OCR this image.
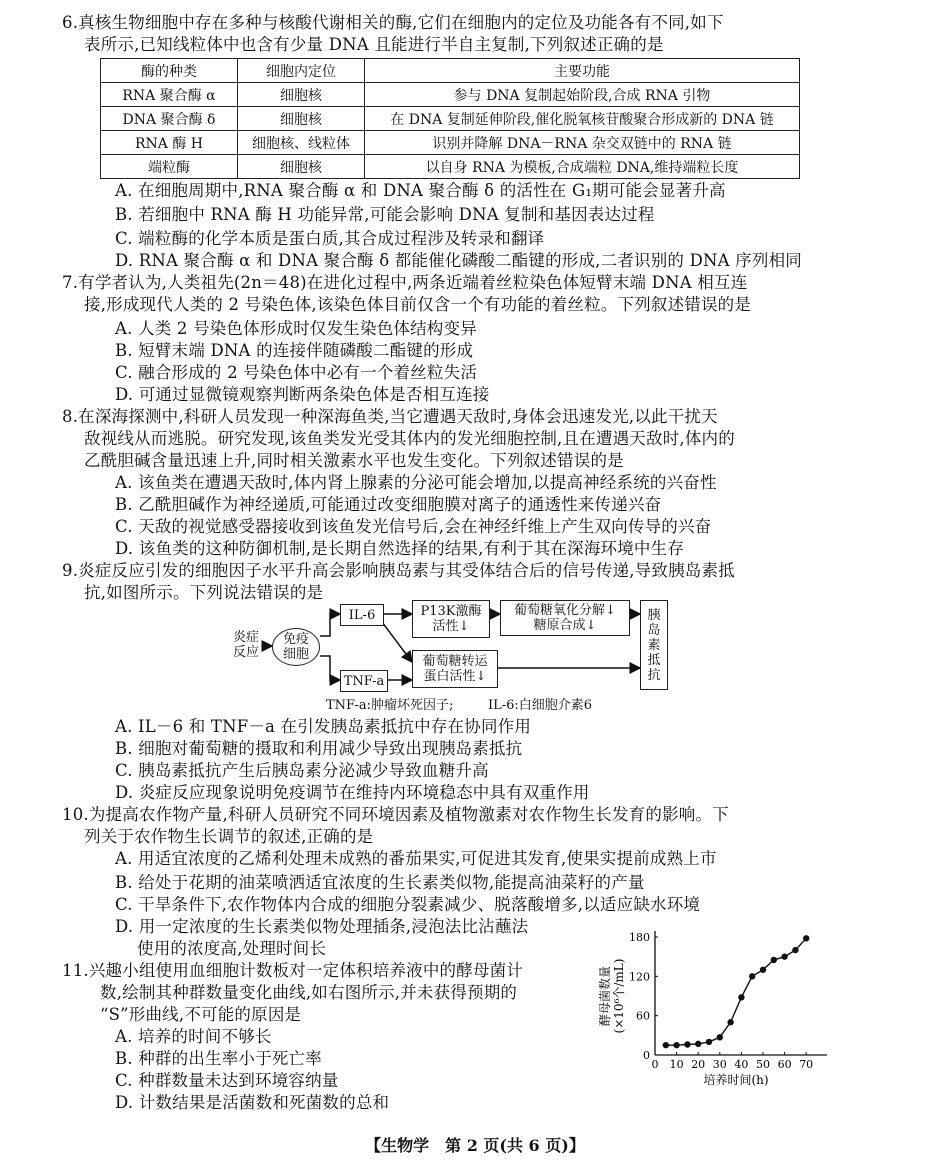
6.真核生物细胞中存在多种与核酸代谢相关的酶,它们在细胞内的定位及功能各有不同,如下
表所示,已知线粒体中也含有少量 DNA 且能进行半自主复制,下列叙述正确的是
酶的种类	细胞内定位	主要功能
RNA 聚合酶 α	细胞核	参与 DNA 复制起始阶段,合成 RNA 引物
DNA 聚合酶 δ	细胞核	在 DNA 复制延伸阶段,催化脱氧核苷酸聚合形成新的 DNA 链
RNA 酶 H	细胞核、线粒体	识别并降解 DNA－RNA 杂交双链中的 RNA 链
端粒酶	细胞核	以自身 RNA 为模板,合成端粒 DNA,维持端粒长度
A. 在细胞周期中,RNA 聚合酶 α 和 DNA 聚合酶 δ 的活性在 G₁期可能会显著升高
B. 若细胞中 RNA 酶 H 功能异常,可能会影响 DNA 复制和基因表达过程
C. 端粒酶的化学本质是蛋白质,其合成过程涉及转录和翻译
D. RNA 聚合酶 α 和 DNA 聚合酶 δ 都能催化磷酸二酯键的形成,二者识别的 DNA 序列相同
7.有学者认为,人类祖先(2n＝48)在进化过程中,两条近端着丝粒染色体短臂末端 DNA 相互连
接,形成现代人类的 2 号染色体,该染色体目前仅含一个有功能的着丝粒。下列叙述错误的是
A. 人类 2 号染色体形成时仅发生染色体结构变异
B. 短臂末端 DNA 的连接伴随磷酸二酯键的形成
C. 融合形成的 2 号染色体中必有一个着丝粒失活
D. 可通过显微镜观察判断两条染色体是否相互连接
8.在深海探测中,科研人员发现一种深海鱼类,当它遭遇天敌时,身体会迅速发光,以此干扰天
敌视线从而逃脱。研究发现,该鱼类发光受其体内的发光细胞控制,且在遭遇天敌时,体内的
乙酰胆碱含量迅速上升,同时相关激素水平也发生变化。下列叙述错误的是
A. 该鱼类在遭遇天敌时,体内肾上腺素的分泌可能会增加,以提高神经系统的兴奋性
B. 乙酰胆碱作为神经递质,可能通过改变细胞膜对离子的通透性来传递兴奋
C. 天敌的视觉感受器接收到该鱼发光信号后,会在神经纤维上产生双向传导的兴奋
D. 该鱼类的这种防御机制,是长期自然选择的结果,有利于其在深海环境中生存
9.炎症反应引发的细胞因子水平升高会影响胰岛素与其受体结合后的信号传递,导致胰岛素抵
抗,如图所示。下列说法错误的是
炎症
反应
免疫
细胞
IL-6
TNF-a
P13K激酶
活性↓
葡萄糖氧化分解↓
糖原合成↓
葡萄糖转运
蛋白活性↓
胰
岛
素
抵
抗
TNF-a:肿瘤坏死因子;	IL-6:白细胞介素6
A. IL－6 和 TNF－a 在引发胰岛素抵抗中存在协同作用
B. 细胞对葡萄糖的摄取和利用减少导致出现胰岛素抵抗
C. 胰岛素抵抗产生后胰岛素分泌减少导致血糖升高
D. 炎症反应现象说明免疫调节在维持内环境稳态中具有双重作用
10.为提高农作物产量,科研人员研究不同环境因素及植物激素对农作物生长发育的影响。下
列关于农作物生长调节的叙述,正确的是
A. 用适宜浓度的乙烯利处理未成熟的番茄果实,可促进其发育,使果实提前成熟上市
B. 给处于花期的油菜喷洒适宜浓度的生长素类似物,能提高油菜籽的产量
C. 干旱条件下,农作物体内合成的细胞分裂素减少、脱落酸增多,以适应缺水环境
D. 用一定浓度的生长素类似物处理插条,浸泡法比沾蘸法
使用的浓度高,处理时间长
11.兴趣小组使用血细胞计数板对一定体积培养液中的酵母菌计
数,绘制其种群数量变化曲线,如右图所示,并未获得预期的
“S”形曲线,不可能的原因是
A. 培养的时间不够长
B. 种群的出生率小于死亡率
C. 种群数量未达到环境容纳量
D. 计数结果是活菌数和死菌数的总和
0 10 20 30 40 50 60 70
0
60
120
180
培养时间(h)
酵母菌数量(×10⁶个/mL)
【生物学　第 2 页(共 6 页)】
